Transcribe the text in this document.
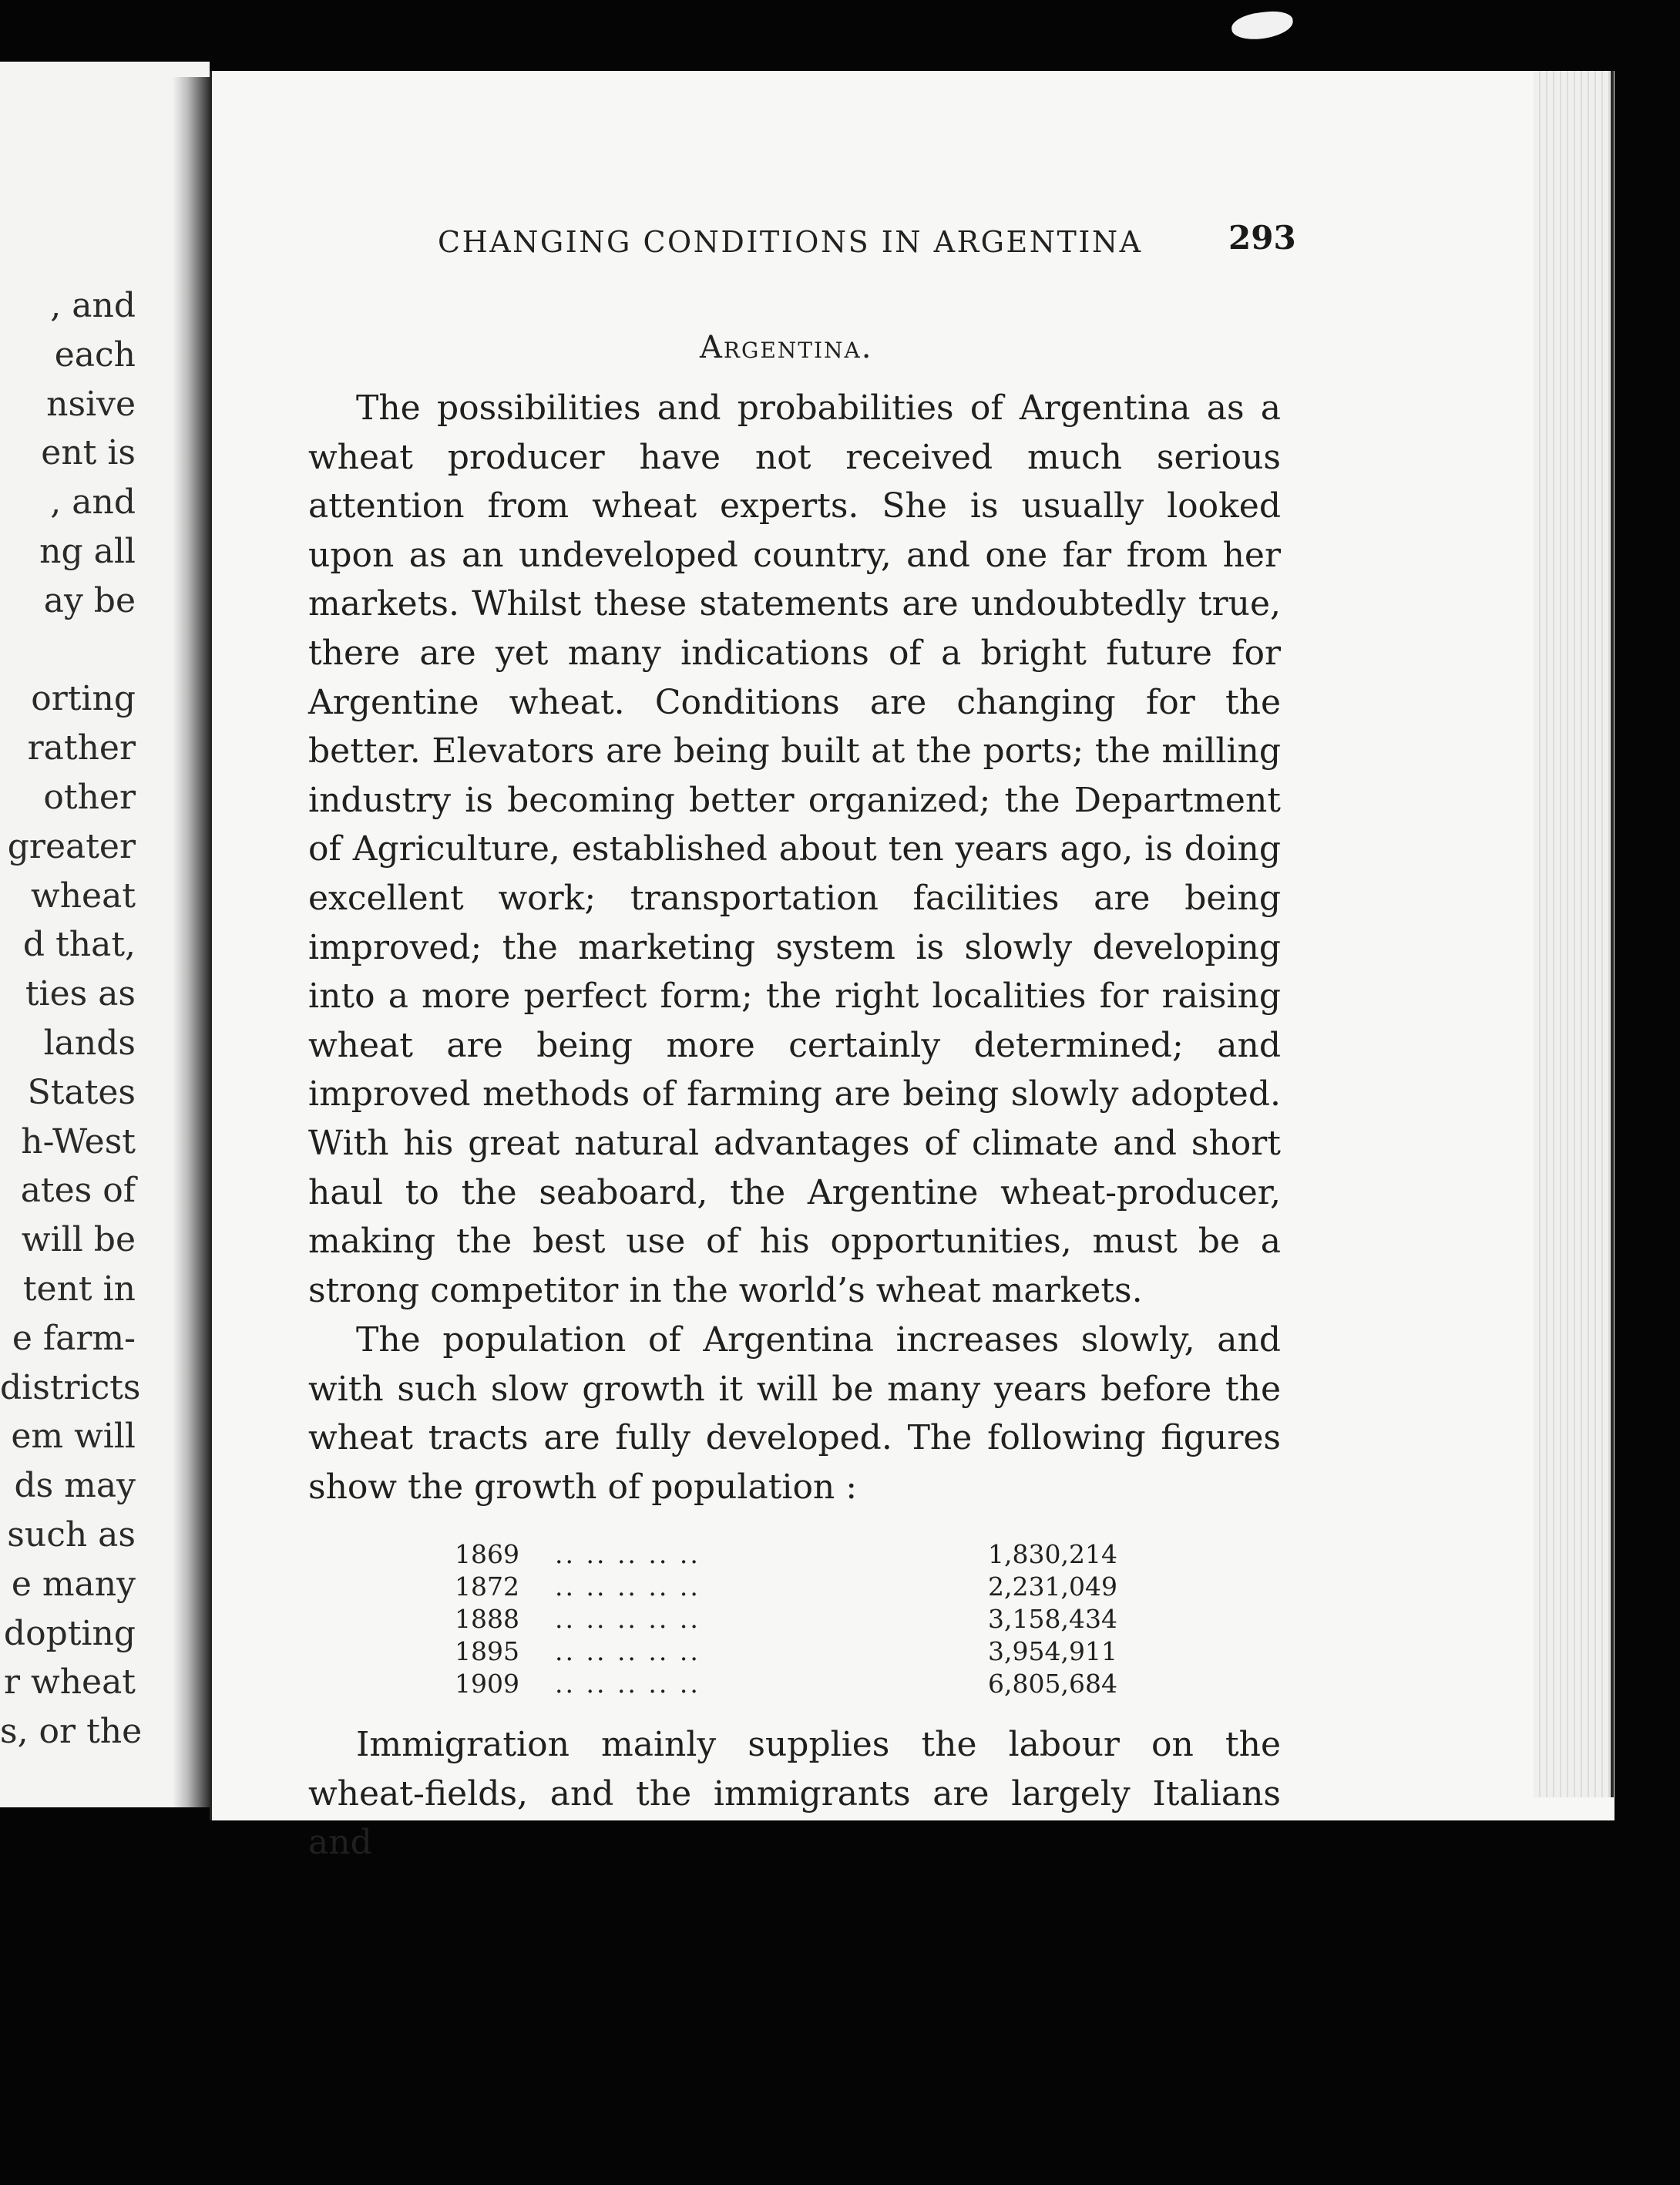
, and
each
nsive
ent is
, and
ng all
ay be
orting
rather
other
greater
wheat
d that,
ties as
lands
States
h-West
ates of
will be
tent in
e farm-
districts
em will
ds may
such as
e many
dopting
r wheat
s, or the
CHANGING CONDITIONS IN ARGENTINA	293
Argentina.

The possibilities and probabilities of Argentina as a wheat producer have not received much serious attention from wheat experts. She is usually looked upon as an undeveloped country, and one far from her markets. Whilst these statements are undoubtedly true, there are yet many indications of a bright future for Argentine wheat. Conditions are changing for the better. Elevators are being built at the ports; the milling industry is becoming better organized; the Department of Agriculture, established about ten years ago, is doing excellent work; transportation facilities are being improved; the marketing system is slowly developing into a more perfect form; the right localities for raising wheat are being more certainly determined; and improved methods of farming are being slowly adopted. With his great natural advantages of climate and short haul to the seaboard, the Argentine wheat-producer, making the best use of his opportunities, must be a strong competitor in the world’s wheat markets.

The population of Argentina increases slowly, and with such slow growth it will be many years before the wheat tracts are fully developed. The following figures show the growth of population :

1869	.. .. .. .. ..	1,830,214
1872	.. .. .. .. ..	2,231,049
1888	.. .. .. .. ..	3,158,434
1895	.. .. .. .. ..	3,954,911
1909	.. .. .. .. ..	6,805,684

Immigration mainly supplies the labour on the wheat-fields, and the immigrants are largely Italians and
